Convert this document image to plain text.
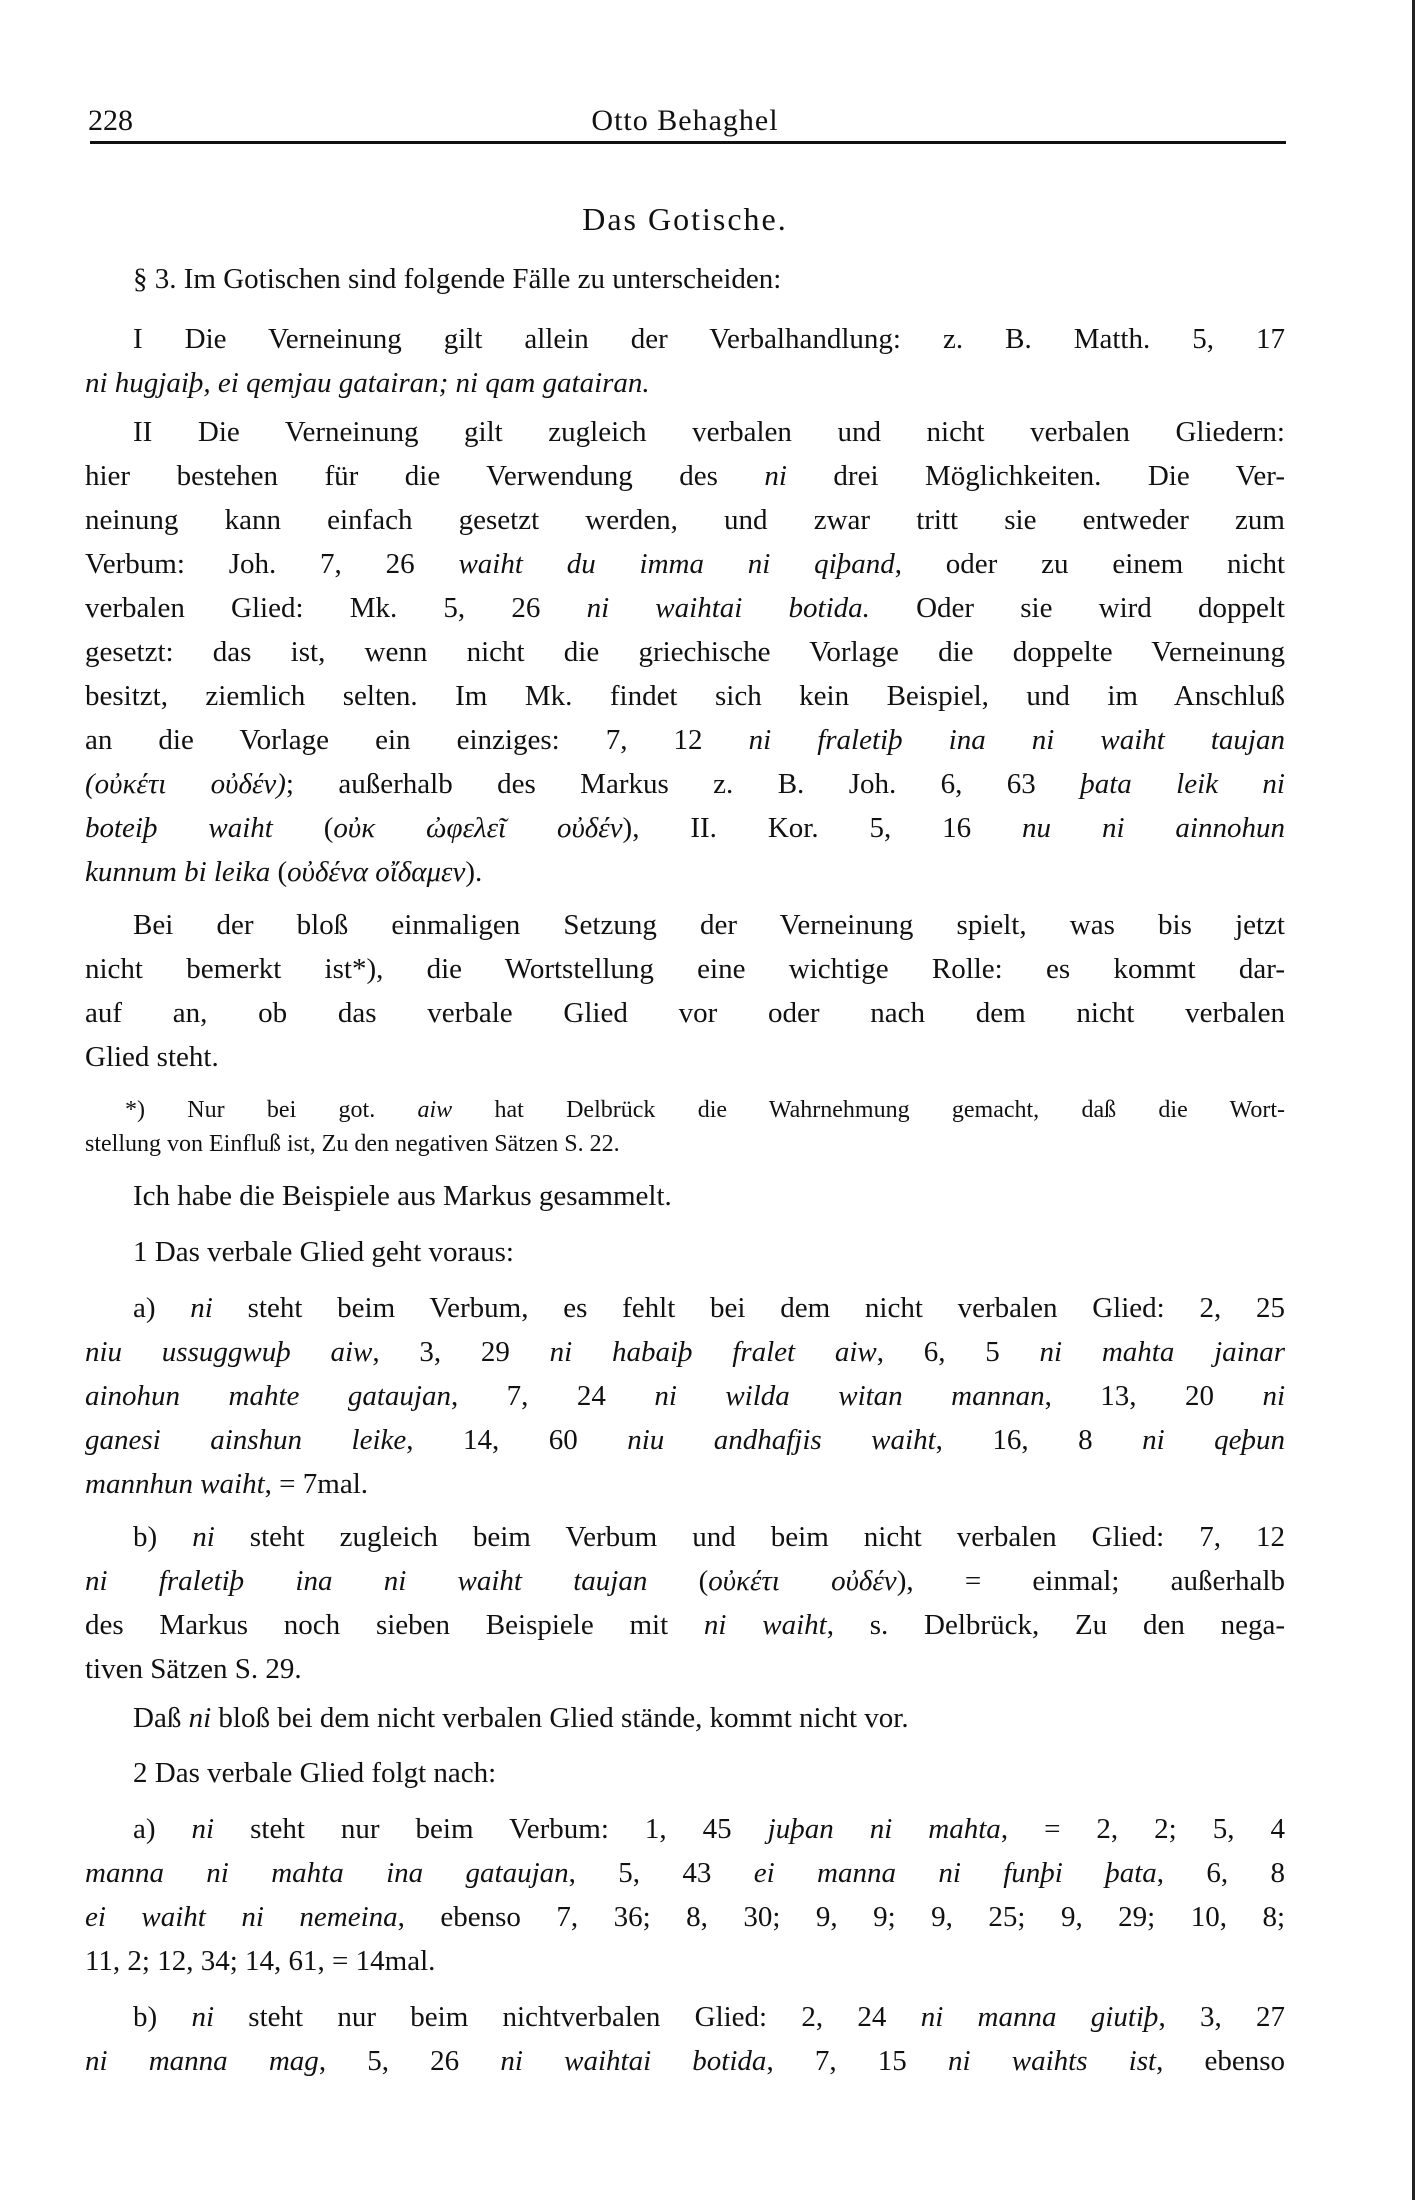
228	Otto Behaghel
Das Gotische.
§ 3. Im Gotischen sind folgende Fälle zu unterscheiden:
I Die Verneinung gilt allein der Verbalhandlung: z. B. Matth. 5, 17
ni hugjaiþ, ei qemjau gatairan; ni qam gatairan.
II Die Verneinung gilt zugleich verbalen und nicht verbalen Gliedern:
hier bestehen für die Verwendung des ni drei Möglichkeiten. Die Ver-
neinung kann einfach gesetzt werden, und zwar tritt sie entweder zum
Verbum: Joh. 7, 26 waiht du imma ni qiþand, oder zu einem nicht
verbalen Glied: Mk. 5, 26 ni waihtai botida. Oder sie wird doppelt
gesetzt: das ist, wenn nicht die griechische Vorlage die doppelte Verneinung
besitzt, ziemlich selten. Im Mk. findet sich kein Beispiel, und im Anschluß
an die Vorlage ein einziges: 7, 12 ni fraletiþ ina ni waiht taujan
(οὐκέτι οὐδέν); außerhalb des Markus z. B. Joh. 6, 63 þata leik ni
boteiþ waiht (οὐκ ὠφελεῖ οὐδέν), II. Kor. 5, 16 nu ni ainnohun
kunnum bi leika (οὐδένα οἴδαμεν).
Bei der bloß einmaligen Setzung der Verneinung spielt, was bis jetzt
nicht bemerkt ist*), die Wortstellung eine wichtige Rolle: es kommt dar-
auf an, ob das verbale Glied vor oder nach dem nicht verbalen
Glied steht.
*) Nur bei got. aiw hat Delbrück die Wahrnehmung gemacht, daß die Wort-
stellung von Einfluß ist, Zu den negativen Sätzen S. 22.
Ich habe die Beispiele aus Markus gesammelt.
1 Das verbale Glied geht voraus:
a) ni steht beim Verbum, es fehlt bei dem nicht verbalen Glied: 2, 25
niu ussuggwuþ aiw, 3, 29 ni habaiþ fralet aiw, 6, 5 ni mahta jainar
ainohun mahte gataujan, 7, 24 ni wilda witan mannan, 13, 20 ni
ganesi ainshun leike, 14, 60 niu andhafjis waiht, 16, 8 ni qeþun
mannhun waiht, = 7mal.
b) ni steht zugleich beim Verbum und beim nicht verbalen Glied: 7, 12
ni fraletiþ ina ni waiht taujan (οὐκέτι οὐδέν), = einmal; außerhalb
des Markus noch sieben Beispiele mit ni waiht, s. Delbrück, Zu den nega-
tiven Sätzen S. 29.
Daß ni bloß bei dem nicht verbalen Glied stände, kommt nicht vor.
2 Das verbale Glied folgt nach:
a) ni steht nur beim Verbum: 1, 45 juþan ni mahta, = 2, 2; 5, 4
manna ni mahta ina gataujan, 5, 43 ei manna ni funþi þata, 6, 8
ei waiht ni nemeina, ebenso 7, 36; 8, 30; 9, 9; 9, 25; 9, 29; 10, 8;
11, 2; 12, 34; 14, 61, = 14mal.
b) ni steht nur beim nichtverbalen Glied: 2, 24 ni manna giutiþ, 3, 27
ni manna mag, 5, 26 ni waihtai botida, 7, 15 ni waihts ist, ebenso
